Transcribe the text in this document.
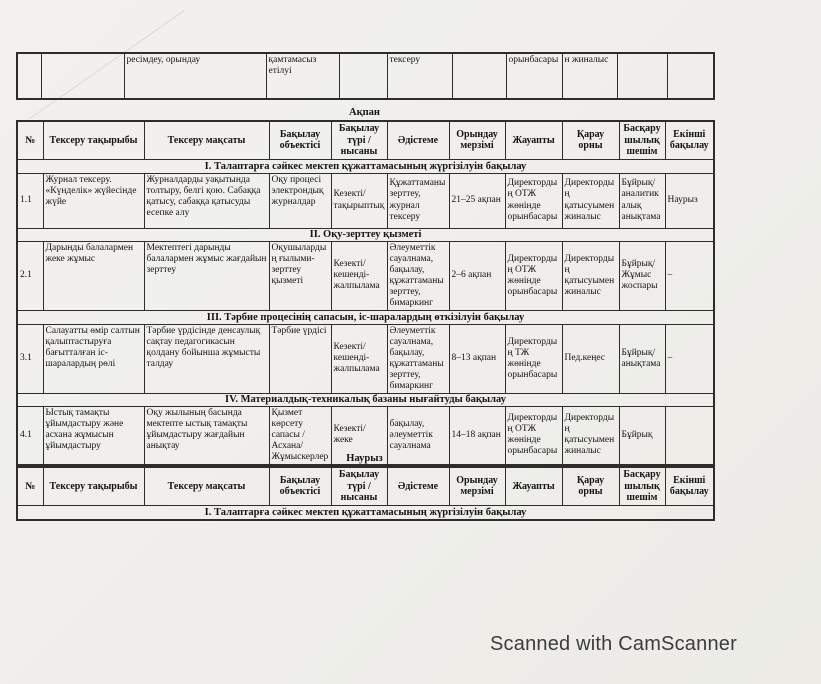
		ресімдеу, орындау	қамтамасыз етілуі		тексеру		орынбасары	н жиналыс		
Ақпан
№	Тексеру тақырыбы	Тексеру мақсаты	Бақылау объектісі	Бақылау түрі / нысаны	Әдістеме	Орындау мерзімі	Жауапты	Қарау орны	Басқарушылық шешім	Екінші бақылау
I. Талаптарға сәйкес мектеп құжаттамасының жүргізілуін бақылау										
1.1	Журнал тексеру. «Күнделік» жүйесінде жүйе	Журналдарды уақытында толтыру, белгі қою. Сабаққа қатысу, сабаққа қатысуды есепке алу	Оқу процесі электрондық журналдар	Кезекті/тақырыптық	Құжаттаманы зерттеу, журнал тексеру	21–25 ақпан	Директордың ОТЖ жөнінде орынбасары	Директордың қатысуымен жиналыс	Бұйрық/ аналитикалық анықтама	Наурыз
II. Оқу-зерттеу қызметі										
2.1	Дарынды балалармен жеке жұмыс	Мектептегі дарынды балалармен жұмыс жағдайын зерттеу	Оқушылардың ғылыми-зерттеу қызметі	Кезекті/ кешенді-жалпылама	Әлеуметтік сауалнама, бақылау, құжаттаманы зерттеу, бимаркинг	2–6 ақпан	Директордың ОТЖ жөнінде орынбасары	Директордың қатысуымен жиналыс	Бұйрық/ Жұмыс жоспары	–
III. Тәрбие процесінің сапасын, іс-шаралардың өткізілуін бақылау										
3.1	Салауатты өмір салтын қалыптастыруға бағытталған іс-шаралардың рөлі	Тәрбие үрдісінде денсаулық сақтау педагогикасын қолдану бойынша жұмысты талдау	Тәрбие үрдісі	Кезекті/ кешенді-жалпылама	Әлеуметтік сауалнама, бақылау, құжаттаманы зерттеу, бимаркинг	8–13 ақпан	Директордың ТЖ жөнінде орынбасары	Пед.кеңес	Бұйрық/ анықтама	–
IV. Материалдық-техникалық базаны нығайтуды бақылау										
4.1	Ыстық тамақты ұйымдастыру және асхана жұмысын ұйымдастыру	Оқу жылының басында мектепте ыстық тамақты ұйымдастыру жағдайын анықтау	Қызмет көрсету сапасы / Асхана/Жұмыскерлер	Кезекті/жеке	бақылау, әлеуметтік сауалнама	14–18 ақпан	Директордың ОТЖ жөнінде орынбасары	Директордың қатысуымен жиналыс	Бұйрық	
Наурыз
№	Тексеру тақырыбы	Тексеру мақсаты	Бақылау объектісі	Бақылау түрі / нысаны	Әдістеме	Орындау мерзімі	Жауапты	Қарау орны	Басқарушылық шешім	Екінші бақылау
I. Талаптарға сәйкес мектеп құжаттамасының жүргізілуін бақылау
Scanned with CamScanner
